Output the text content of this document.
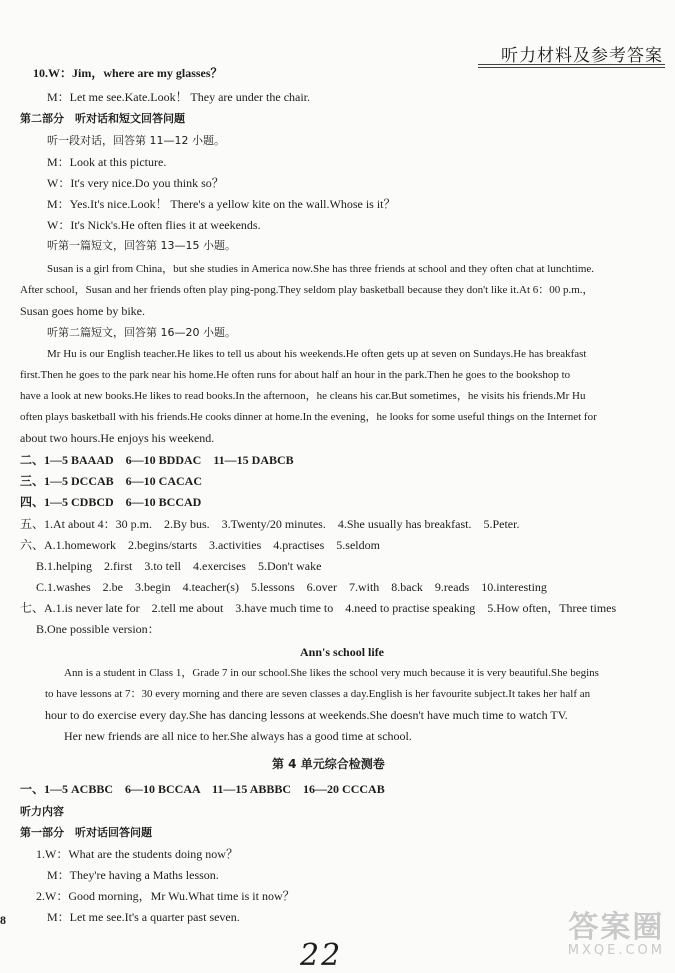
听力材料及参考答案
10.W：Jim，where are my glasses？
M：Let me see.Kate.Look！ They are under the chair.
第二部分　听对话和短文回答问题
听一段对话，回答第 11—12 小题。
M：Look at this picture.
W：It's very nice.Do you think so？
M：Yes.It's nice.Look！ There's a yellow kite on the wall.Whose is it？
W：It's Nick's.He often flies it at weekends.
听第一篇短文，回答第 13—15 小题。
Susan is a girl from China，but she studies in America now.She has three friends at school and they often chat at lunchtime.
After school，Susan and her friends often play ping-pong.They seldom play basketball because they don't like it.At 6：00 p.m.，
Susan goes home by bike.
听第二篇短文，回答第 16—20 小题。
Mr Hu is our English teacher.He likes to tell us about his weekends.He often gets up at seven on Sundays.He has breakfast
first.Then he goes to the park near his home.He often runs for about half an hour in the park.Then he goes to the bookshop to
have a look at new books.He likes to read books.In the afternoon，he cleans his car.But sometimes，he visits his friends.Mr Hu
often plays basketball with his friends.He cooks dinner at home.In the evening，he looks for some useful things on the Internet for
about two hours.He enjoys his weekend.
二、1—5 BAAAD　6—10 BDDAC　11—15 DABCB
三、1—5 DCCAB　6—10 CACAC
四、1—5 CDBCD　6—10 BCCAD
五、1.At about 4：30 p.m.　2.By bus.　3.Twenty/20 minutes.　4.She usually has breakfast.　5.Peter.
六、A.1.homework　2.begins/starts　3.activities　4.practises　5.seldom
B.1.helping　2.first　3.to tell　4.exercises　5.Don't wake
C.1.washes　2.be　3.begin　4.teacher(s)　5.lessons　6.over　7.with　8.back　9.reads　10.interesting
七、A.1.is never late for　2.tell me about　3.have much time to　4.need to practise speaking　5.How often，Three times
B.One possible version：
Ann's school life
Ann is a student in Class 1，Grade 7 in our school.She likes the school very much because it is very beautiful.She begins
to have lessons at 7：30 every morning and there are seven classes a day.English is her favourite subject.It takes her half an
hour to do exercise every day.She has dancing lessons at weekends.She doesn't have much time to watch TV.
Her new friends are all nice to her.She always has a good time at school.
第 4 单元综合检测卷
一、1—5 ACBBC　6—10 BCCAA　11—15 ABBBC　16—20 CCCAB
听力内容
第一部分　听对话回答问题
1.W：What are the students doing now？
M：They're having a Maths lesson.
2.W：Good morning，Mr Wu.What time is it now？
M：Let me see.It's a quarter past seven.
8
22
答案圈
MXQE.COM
